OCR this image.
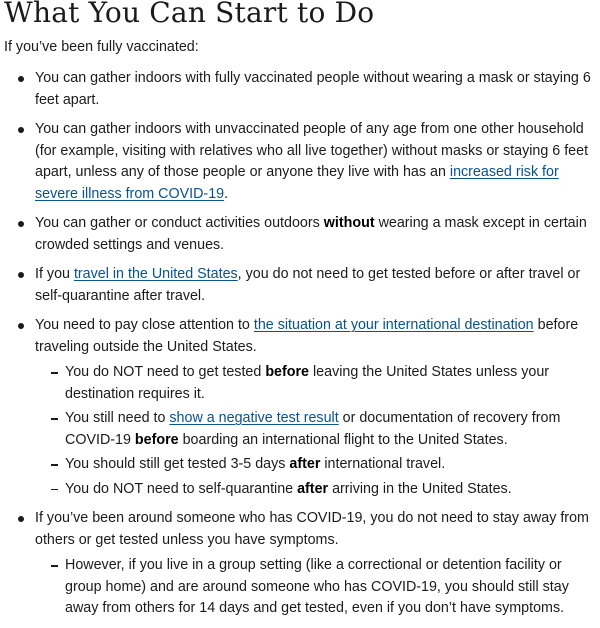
What You Can Start to Do

If you’ve been fully vaccinated:

You can gather indoors with fully vaccinated people without wearing a mask or staying 6 feet apart.
You can gather indoors with unvaccinated people of any age from one other household (for example, visiting with relatives who all live together) without masks or staying 6 feet apart, unless any of those people or anyone they live with has an increased risk for severe illness from COVID-19.
You can gather or conduct activities outdoors without wearing a mask except in certain crowded settings and venues.
If you travel in the United States, you do not need to get tested before or after travel or self-quarantine after travel.
You need to pay close attention to the situation at your international destination before traveling outside the United States.
You do NOT need to get tested before leaving the United States unless your destination requires it.
You still need to show a negative test result or documentation of recovery from COVID-19 before boarding an international flight to the United States.
You should still get tested 3-5 days after international travel.
You do NOT need to self-quarantine after arriving in the United States.
If you’ve been around someone who has COVID-19, you do not need to stay away from others or get tested unless you have symptoms.
However, if you live in a group setting (like a correctional or detention facility or group home) and are around someone who has COVID-19, you should still stay away from others for 14 days and get tested, even if you don’t have symptoms.
